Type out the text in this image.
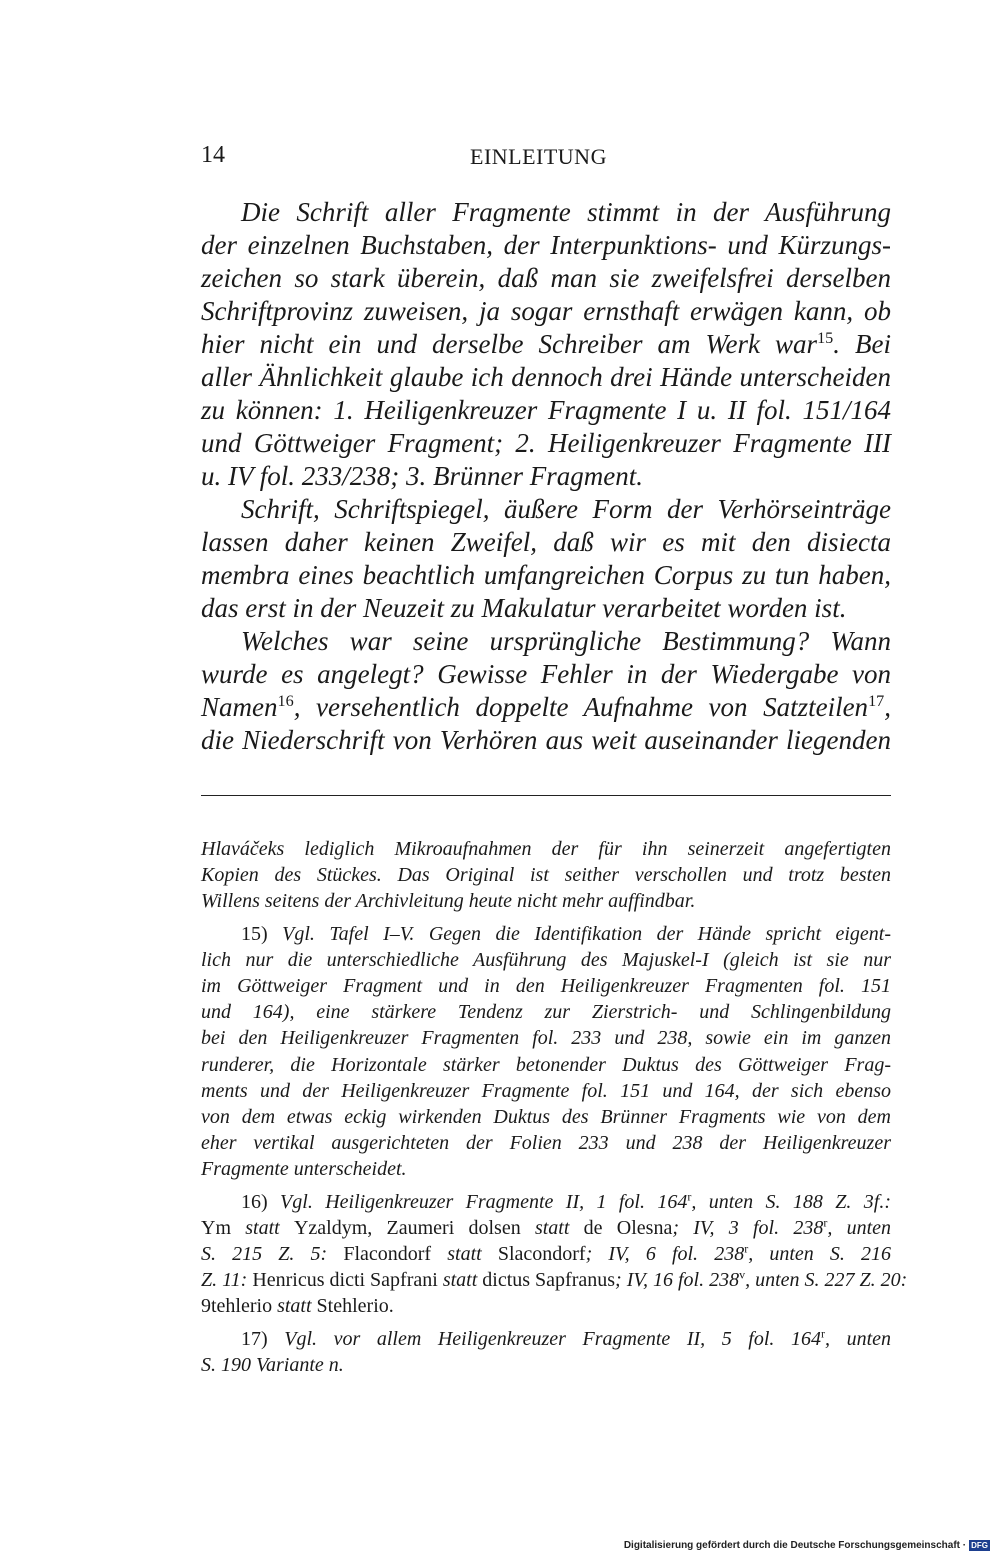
14	EINLEITUNG
Die Schrift aller Fragmente stimmt in der Ausführung
der einzelnen Buchstaben, der Interpunktions- und Kürzungs-
zeichen so stark überein, daß man sie zweifelsfrei derselben
Schriftprovinz zuweisen, ja sogar ernsthaft erwägen kann, ob
hier nicht ein und derselbe Schreiber am Werk war$^{15}$. Bei
aller Ähnlichkeit glaube ich dennoch drei Hände unterscheiden
zu können: 1. Heiligenkreuzer Fragmente I u. II fol. 151/164
und Göttweiger Fragment; 2. Heiligenkreuzer Fragmente III
u. IV fol. 233/238; 3. Brünner Fragment.
Schrift, Schriftspiegel, äußere Form der Verhörseinträge
lassen daher keinen Zweifel, daß wir es mit den disiecta
membra eines beachtlich umfangreichen Corpus zu tun haben,
das erst in der Neuzeit zu Makulatur verarbeitet worden ist.
Welches war seine ursprüngliche Bestimmung? Wann
wurde es angelegt? Gewisse Fehler in der Wiedergabe von
Namen$^{16}$, versehentlich doppelte Aufnahme von Satzteilen$^{17}$,
die Niederschrift von Verhören aus weit auseinander liegenden
Hlaváčeks lediglich Mikroaufnahmen der für ihn seinerzeit angefertigten
Kopien des Stückes. Das Original ist seither verschollen und trotz besten
Willens seitens der Archivleitung heute nicht mehr auffindbar.
15) Vgl. Tafel I–V. Gegen die Identifikation der Hände spricht eigent-
lich nur die unterschiedliche Ausführung des Majuskel-I (gleich ist sie nur
im Göttweiger Fragment und in den Heiligenkreuzer Fragmenten fol. 151
und 164), eine stärkere Tendenz zur Zierstrich- und Schlingenbildung
bei den Heiligenkreuzer Fragmenten fol. 233 und 238, sowie ein im ganzen
runderer, die Horizontale stärker betonender Duktus des Göttweiger Frag-
ments und der Heiligenkreuzer Fragmente fol. 151 und 164, der sich ebenso
von dem etwas eckig wirkenden Duktus des Brünner Fragments wie von dem
eher vertikal ausgerichteten der Folien 233 und 238 der Heiligenkreuzer
Fragmente unterscheidet.
16) Vgl. Heiligenkreuzer Fragmente II, 1 fol. 164$^r$, unten S. 188 Z. 3f.:
Ym statt Yzaldym, Zaumeri dolsen statt de Olesna; IV, 3 fol. 238$^r$, unten
S. 215 Z. 5: Flacondorf statt Slacondorf; IV, 6 fol. 238$^r$, unten S. 216
Z. 11: Henricus dicti Sapfrani statt dictus Sapfranus; IV, 16 fol. 238$^v$, unten S. 227 Z. 20:
9tehlerio statt Stehlerio.
17) Vgl. vor allem Heiligenkreuzer Fragmente II, 5 fol. 164$^r$, unten
S. 190 Variante n.
Digitalisierung gefördert durch die Deutsche Forschungsgemeinschaft · DFG
